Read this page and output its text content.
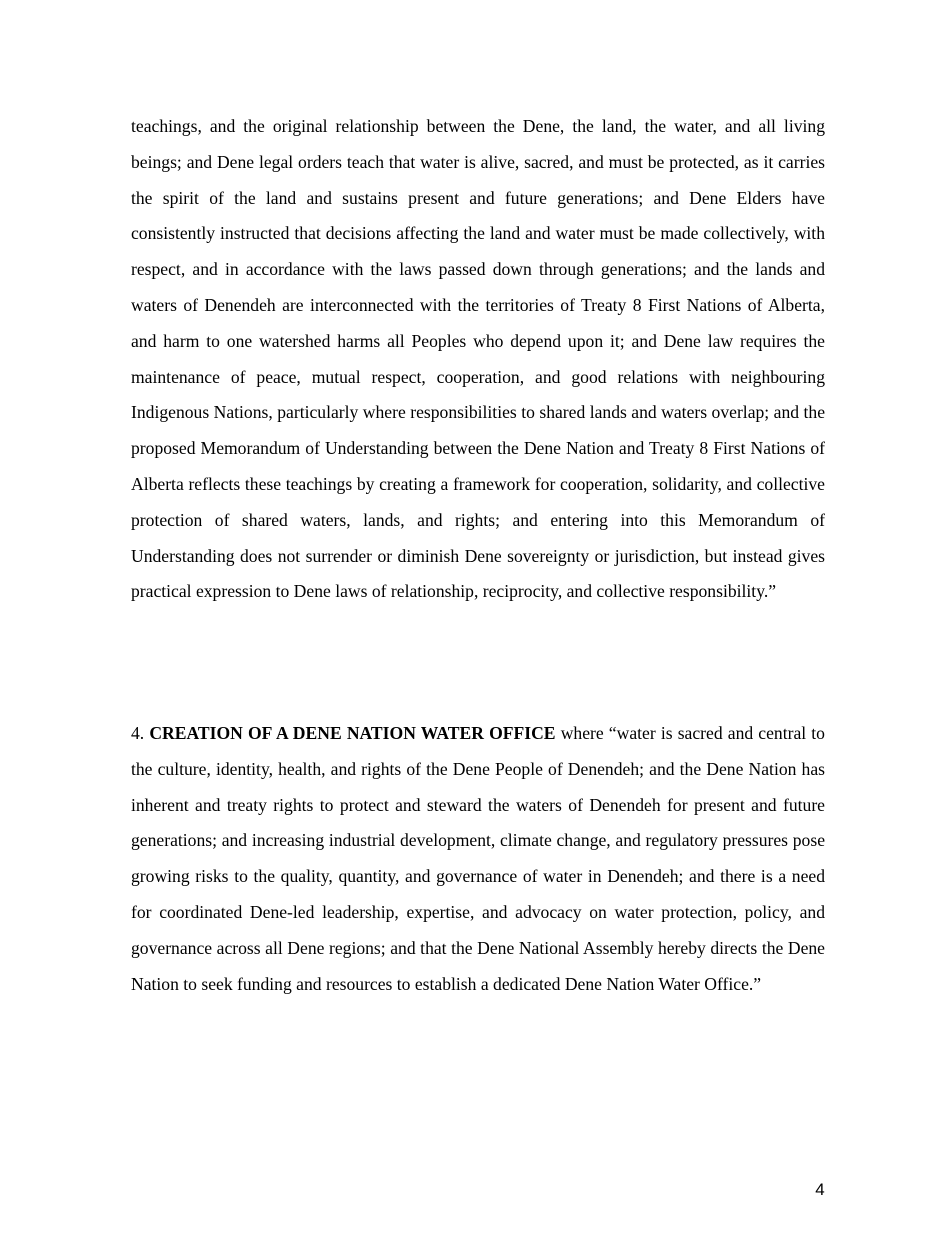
teachings, and the original relationship between the Dene, the land, the water, and all living beings; and Dene legal orders teach that water is alive, sacred, and must be protected, as it carries the spirit of the land and sustains present and future generations; and Dene Elders have consistently instructed that decisions affecting the land and water must be made collectively, with respect, and in accordance with the laws passed down through generations; and the lands and waters of Denendeh are interconnected with the territories of Treaty 8 First Nations of Alberta, and harm to one watershed harms all Peoples who depend upon it; and Dene law requires the maintenance of peace, mutual respect, cooperation, and good relations with neighbouring Indigenous Nations, particularly where responsibilities to shared lands and waters overlap; and the proposed Memorandum of Understanding between the Dene Nation and Treaty 8 First Nations of Alberta reflects these teachings by creating a framework for cooperation, solidarity, and collective protection of shared waters, lands, and rights; and entering into this Memorandum of Understanding does not surrender or diminish Dene sovereignty or jurisdiction, but instead gives practical expression to Dene laws of relationship, reciprocity, and collective responsibility.”

4. CREATION OF A DENE NATION WATER OFFICE where “water is sacred and central to the culture, identity, health, and rights of the Dene People of Denendeh; and the Dene Nation has inherent and treaty rights to protect and steward the waters of Denendeh for present and future generations; and increasing industrial development, climate change, and regulatory pressures pose growing risks to the quality, quantity, and governance of water in Denendeh; and there is a need for coordinated Dene-led leadership, expertise, and advocacy on water protection, policy, and governance across all Dene regions; and that the Dene National Assembly hereby directs the Dene Nation to seek funding and resources to establish a dedicated Dene Nation Water Office.”

4
